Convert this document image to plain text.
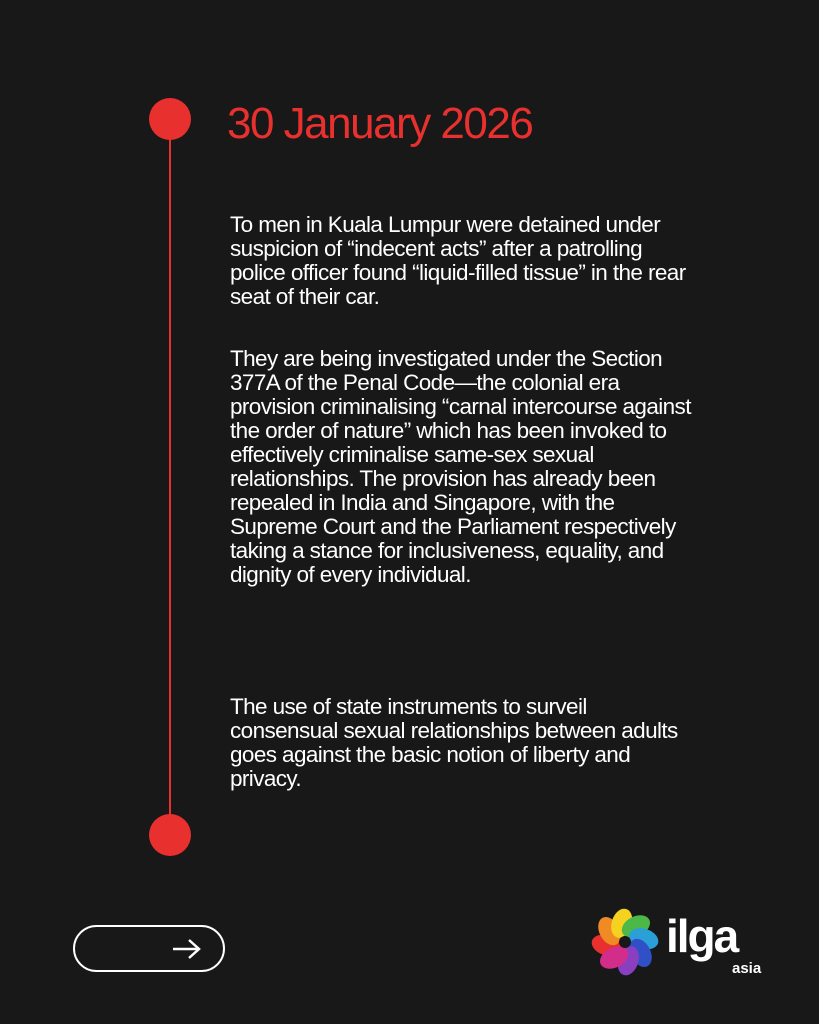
30 January 2026

To men in Kuala Lumpur were detained under suspicion of “indecent acts” after a patrolling police officer found “liquid-filled tissue” in the rear seat of their car.

They are being investigated under the Section 377A of the Penal Code—the colonial era provision criminalising “carnal intercourse against the order of nature” which has been invoked to effectively criminalise same-sex sexual relationships. The provision has already been repealed in India and Singapore, with the Supreme Court and the Parliament respectively taking a stance for inclusiveness, equality, and dignity of every individual.

The use of state instruments to surveil consensual sexual relationships between adults goes against the basic notion of liberty and privacy.

ilga
asia
